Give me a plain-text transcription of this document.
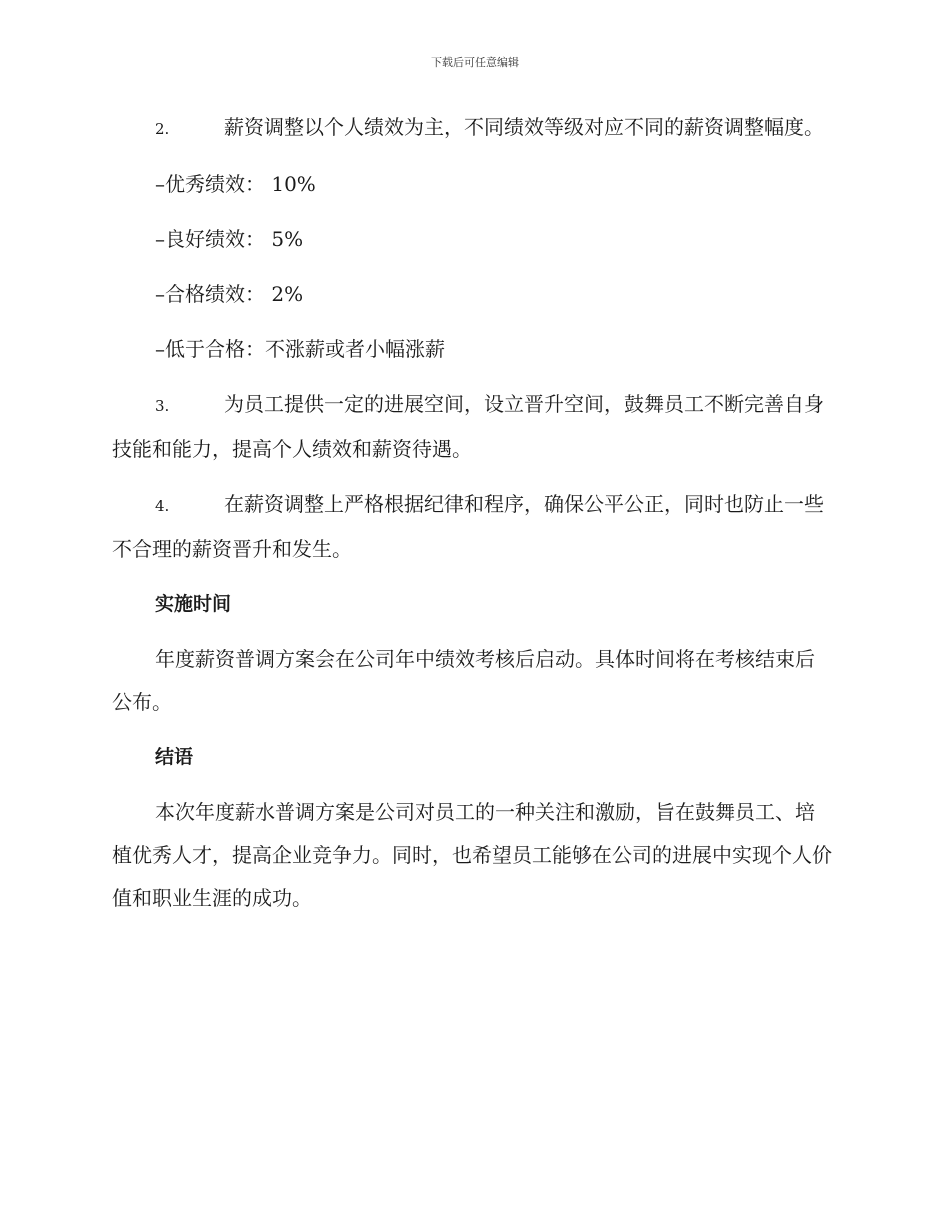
下载后可任意编辑

2.	薪资调整以个人绩效为主，不同绩效等级对应不同的薪资调整幅度。

–优秀绩效： 10%

–良好绩效： 5%

–合格绩效： 2%

–低于合格：不涨薪或者小幅涨薪

3.	为员工提供一定的进展空间，设立晋升空间，鼓舞员工不断完善自身技能和能力，提高个人绩效和薪资待遇。

4.	在薪资调整上严格根据纪律和程序，确保公平公正，同时也防止一些不合理的薪资晋升和发生。

实施时间

年度薪资普调方案会在公司年中绩效考核后启动。具体时间将在考核结束后公布。

结语

本次年度薪水普调方案是公司对员工的一种关注和激励，旨在鼓舞员工、培植优秀人才，提高企业竞争力。同时，也希望员工能够在公司的进展中实现个人价值和职业生涯的成功。
